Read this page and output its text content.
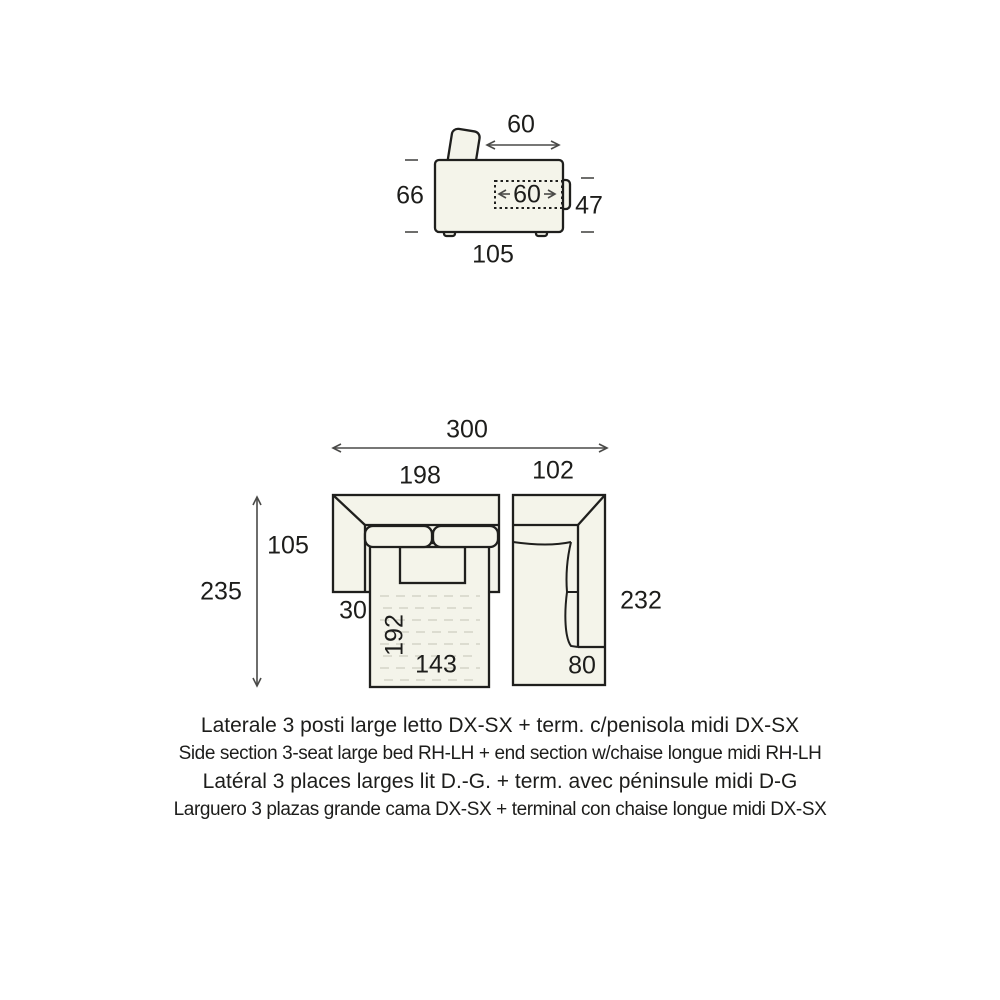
60
66	60 47
105
300
198	102
105
235
30
192
143
232
80
Laterale 3 posti large letto DX-SX + term. c/penisola midi DX-SX
Side section 3-seat large bed RH-LH + end section w/chaise longue midi RH-LH
Latéral 3 places larges lit D.-G. + term. avec péninsule midi D-G
Larguero 3 plazas grande cama DX-SX + terminal con chaise longue midi DX-SX
